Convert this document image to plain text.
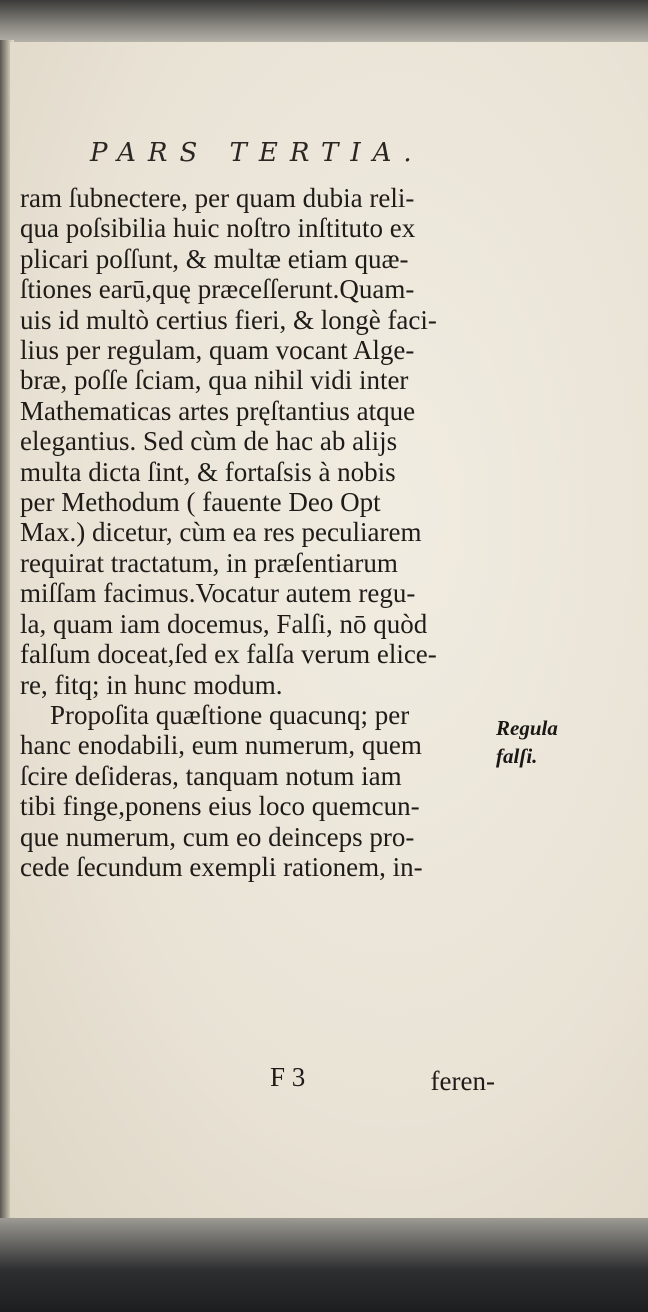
PARS TERTIA.
ram ſubnectere, per quam dubia reli-
qua poſsibilia huic noſtro inſtituto ex
plicari poſſunt, & multæ etiam quæ-
ſtiones earū,quę præceſſerunt.Quam-
uis id multò certius fieri, & longè faci-
lius per regulam, quam vocant Alge-
bræ, poſſe ſciam, qua nihil vidi inter
Mathematicas artes pręſtantius atque
elegantius. Sed cùm de hac ab alijs
multa dicta ſint, & fortaſsis à nobis
per Methodum ( fauente Deo Opt
Max.) dicetur, cùm ea res peculiarem
requirat tractatum, in præſentiarum
miſſam facimus.Vocatur autem regu-
la, quam iam docemus, Falſi, nō quòd
falſum doceat,ſed ex falſa verum elice-
re, fitq; in hunc modum.
Propoſita quæſtione quacunq; per
hanc enodabili, eum numerum, quem
ſcire deſideras, tanquam notum iam
tibi finge,ponens eius loco quemcun-
que numerum, cum eo deinceps pro-
cede ſecundum exempli rationem, in-
Regula
falſi.
F 3	feren-
